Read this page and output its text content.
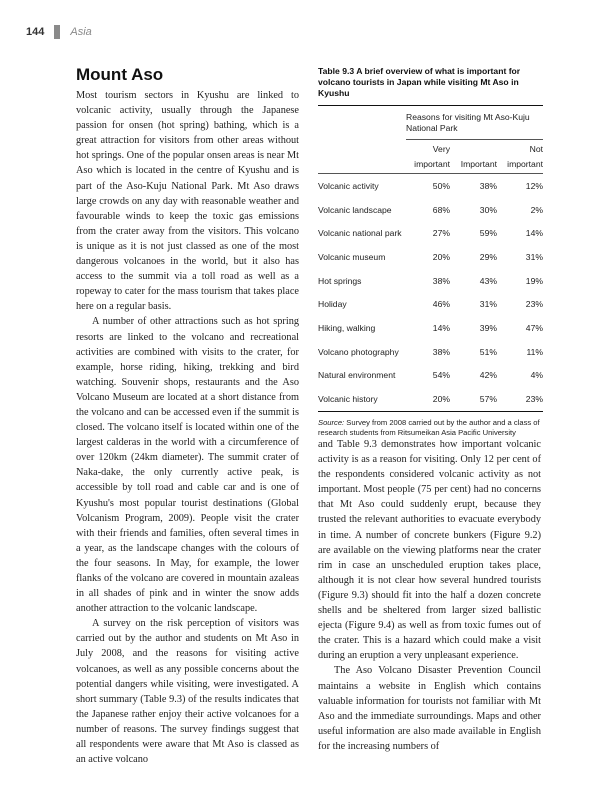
144 Asia
Mount Aso

Most tourism sectors in Kyushu are linked to volcanic activity, usually through the Japanese passion for onsen (hot spring) bathing, which is a great attraction for visitors from other areas without hot springs. One of the popular onsen areas is near Mt Aso which is located in the centre of Kyushu and is part of the Aso-Kuju National Park. Mt Aso draws large crowds on any day with reasonable weather and favourable winds to keep the toxic gas emissions from the crater away from the visitors. This volcano is unique as it is not just classed as one of the most dangerous volcanoes in the world, but it also has access to the summit via a toll road as well as a ropeway to cater for the mass tourism that takes place here on a regular basis.

A number of other attractions such as hot spring resorts are linked to the volcano and recreational activities are combined with visits to the crater, for example, horse riding, hiking, trekking and bird watching. Souvenir shops, restaurants and the Aso Volcano Museum are located at a short distance from the volcano and can be accessed even if the summit is closed. The volcano itself is located within one of the largest calderas in the world with a circumference of over 120km (24km diameter). The summit crater of Naka-dake, the only currently active peak, is accessible by toll road and cable car and is one of Kyushu's most popular tourist destinations (Global Volcanism Program, 2009). People visit the crater with their friends and families, often several times in a year, as the landscape changes with the colours of the four seasons. In May, for example, the lower flanks of the volcano are covered in mountain azaleas in all shades of pink and in winter the snow adds another attraction to the volcanic landscape.

A survey on the risk perception of visitors was carried out by the author and students on Mt Aso in July 2008, and the reasons for visiting active volcanoes, as well as any possible concerns about the potential dangers while visiting, were investigated. A short summary (Table 9.3) of the results indicates that the Japanese rather enjoy their active volcanoes for a number of reasons. The survey findings suggest that all respondents were aware that Mt Aso is classed as an active volcano

Table 9.3 A brief overview of what is important for volcano tourists in Japan while visiting Mt Aso in Kyushu
	Reasons for visiting Mt Aso-Kuju National Park
	Very
important	Important	Not
important
Volcanic activity	50%	38%	12%
Volcanic landscape	68%	30%	2%
Volcanic national park	27%	59%	14%
Volcanic museum	20%	29%	31%
Hot springs	38%	43%	19%
Holiday	46%	31%	23%
Hiking, walking	14%	39%	47%
Volcano photography	38%	51%	11%
Natural environment	54%	42%	4%
Volcanic history	20%	57%	23%
Source: Survey from 2008 carried out by the author and a class of research students from Ritsumeikan Asia Pacific University

and Table 9.3 demonstrates how important volcanic activity is as a reason for visiting. Only 12 per cent of the respondents considered volcanic activity as not important. Most people (75 per cent) had no concerns that Mt Aso could suddenly erupt, because they trusted the relevant authorities to evacuate everybody in time. A number of concrete bunkers (Figure 9.2) are available on the viewing platforms near the crater rim in case an unscheduled eruption takes place, although it is not clear how several hundred tourists (Figure 9.3) should fit into the half a dozen concrete shells and be sheltered from larger sized ballistic ejecta (Figure 9.4) as well as from toxic fumes out of the crater. This is a hazard which could make a visit during an eruption a very unpleasant experience.

The Aso Volcano Disaster Prevention Council maintains a website in English which contains valuable information for tourists not familiar with Mt Aso and the immediate surroundings. Maps and other useful information are also made available in English for the increasing numbers of
